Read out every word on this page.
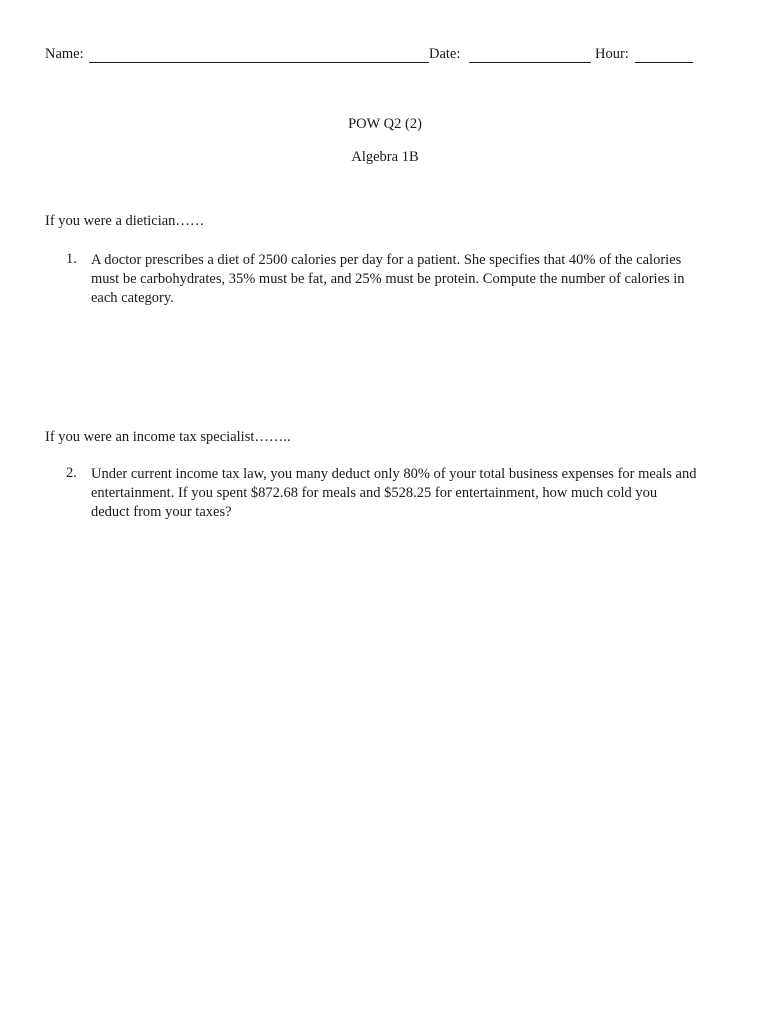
Name:	Date:	Hour:
POW Q2 (2)
Algebra 1B
If you were a dietician……
1. A doctor prescribes a diet of 2500 calories per day for a patient. She specifies that 40% of the calories
must be carbohydrates, 35% must be fat, and 25% must be protein. Compute the number of calories in
each category.
If you were an income tax specialist……..
2. Under current income tax law, you many deduct only 80% of your total business expenses for meals and
entertainment. If you spent $872.68 for meals and $528.25 for entertainment, how much cold you
deduct from your taxes?
